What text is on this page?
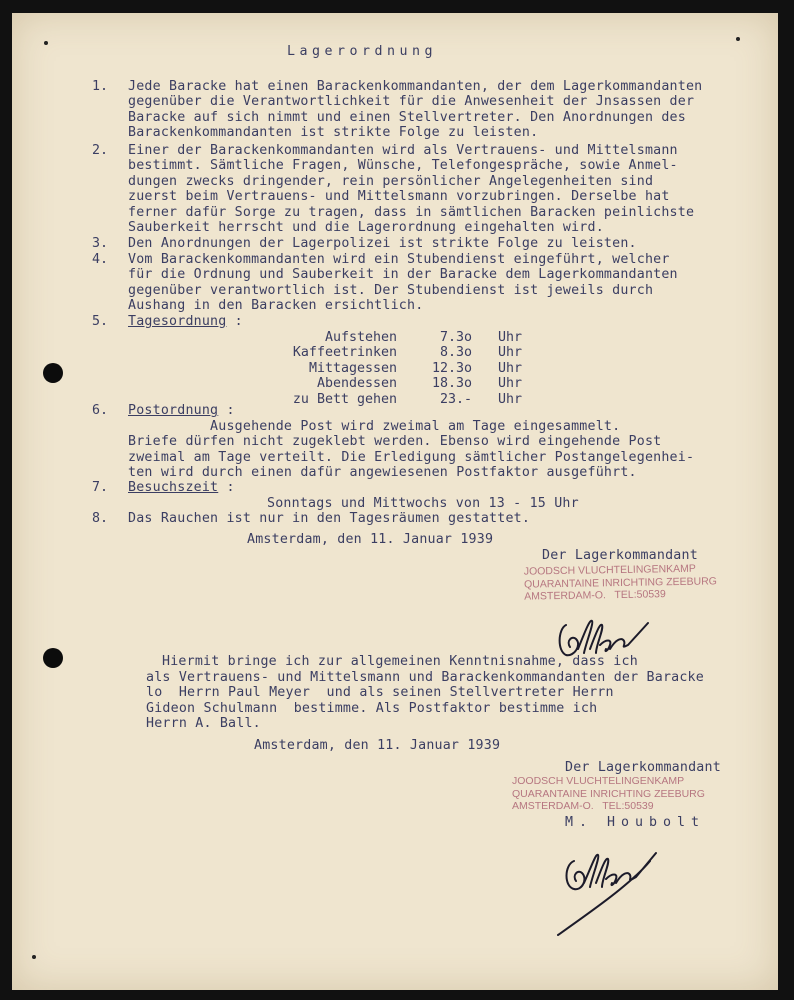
Lagerordnung
1. Jede Baracke hat einen Barackenkommandanten, der dem Lagerkommandanten
gegenüber die Verantwortlichkeit für die Anwesenheit der Jnsassen der
Baracke auf sich nimmt und einen Stellvertreter. Den Anordnungen des
Barackenkommandanten ist strikte Folge zu leisten.
2. Einer der Barackenkommandanten wird als Vertrauens- und Mittelsmann
bestimmt. Sämtliche Fragen, Wünsche, Telefongespräche, sowie Anmel-
dungen zwecks dringender, rein persönlicher Angelegenheiten sind
zuerst beim Vertrauens- und Mittelsmann vorzubringen. Derselbe hat
ferner dafür Sorge zu tragen, dass in sämtlichen Baracken peinlichste
Sauberkeit herrscht und die Lagerordnung eingehalten wird.
3. Den Anordnungen der Lagerpolizei ist strikte Folge zu leisten.
4. Vom Barackenkommandanten wird ein Stubendienst eingeführt, welcher
für die Ordnung und Sauberkeit in der Baracke dem Lagerkommandanten
gegenüber verantwortlich ist. Der Stubendienst ist jeweils durch
Aushang in den Baracken ersichtlich.
5. Tagesordnung :
Aufstehen	7.3o	Uhr
Kaffeetrinken	8.3o	Uhr
Mittagessen	12.3o	Uhr
Abendessen	18.3o	Uhr
zu Bett gehen	23.-	Uhr
6. Postordnung :
Ausgehende Post wird zweimal am Tage eingesammelt.
Briefe dürfen nicht zugeklebt werden. Ebenso wird eingehende Post
zweimal am Tage verteilt. Die Erledigung sämtlicher Postangelegenhei-
ten wird durch einen dafür angewiesenen Postfaktor ausgeführt.
7. Besuchszeit :
Sonntags und Mittwochs von 13 - 15 Uhr
8. Das Rauchen ist nur in den Tagesräumen gestattet.
Amsterdam, den 11. Januar 1939
Der Lagerkommandant
JOODSCH VLUCHTELINGENKAMP
QUARANTAINE INRICHTING ZEEBURG
AMSTERDAM-O.   TEL:50539
Hiermit bringe ich zur allgemeinen Kenntnisnahme, dass ich
als Vertrauens- und Mittelsmann und Barackenkommandanten der Baracke
lo  Herrn Paul Meyer  und als seinen Stellvertreter Herrn
Gideon Schulmann  bestimme. Als Postfaktor bestimme ich
Herrn A. Ball.
Amsterdam, den 11. Januar 1939
Der Lagerkommandant
JOODSCH VLUCHTELINGENKAMP
QUARANTAINE INRICHTING ZEEBURG
AMSTERDAM-O.   TEL:50539
M. Houbolt
